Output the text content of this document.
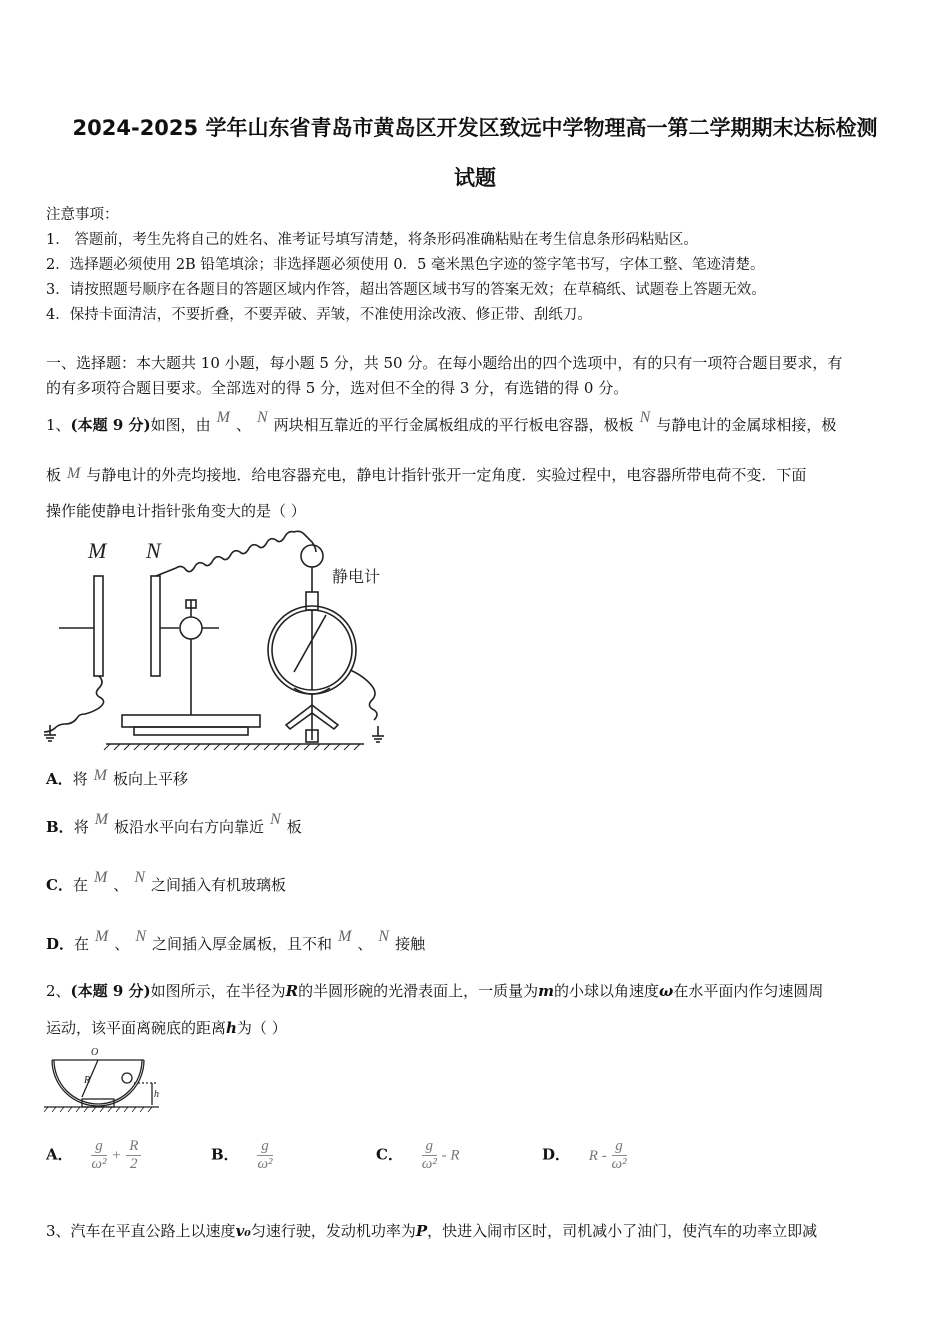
2024-2025 学年山东省青岛市黄岛区开发区致远中学物理高一第二学期期末达标检测
试题
注意事项：
1． 答题前，考生先将自己的姓名、准考证号填写清楚，将条形码准确粘贴在考生信息条形码粘贴区。
2．选择题必须使用 2B 铅笔填涂；非选择题必须使用 0．5 毫米黑色字迹的签字笔书写，字体工整、笔迹清楚。
3．请按照题号顺序在各题目的答题区域内作答，超出答题区域书写的答案无效；在草稿纸、试题卷上答题无效。
4．保持卡面清洁，不要折叠，不要弄破、弄皱，不准使用涂改液、修正带、刮纸刀。
一、选择题：本大题共 10 小题，每小题 5 分，共 50 分。在每小题给出的四个选项中，有的只有一项符合题目要求，有
的有多项符合题目要求。全部选对的得 5 分，选对但不全的得 3 分，有选错的得 0 分。
1、(本题 9 分)如图，由 M 、 N 两块相互靠近的平行金属板组成的平行板电容器，极板 N 与静电计的金属球相接，极
板 M 与静电计的外壳均接地．给电容器充电，静电计指针张开一定角度．实验过程中，电容器所带电荷不变．下面
操作能使静电计指针张角变大的是（ ）
M N
静电计
A．将 M 板向上平移
B．将 M 板沿水平向右方向靠近 N 板
C．在 M 、 N 之间插入有机玻璃板
D．在 M 、 N 之间插入厚金属板，且不和 M 、 N 接触
2、(本题 9 分)如图所示，在半径为R的半圆形碗的光滑表面上，一质量为m的小球以角速度ω在水平面内作匀速圆周
运动，该平面离碗底的距离h为（ ）
O
R
h
A． $\frac{g}{\text{ω²}} + \frac{R}{2}$	B． $\frac{g}{\text{ω²}}$	C． $\frac{g}{\text{ω²}}$ - R	D． R - $\frac{g}{\text{ω²}}$
3、汽车在平直公路上以速度v₀匀速行驶，发动机功率为P，快进入闹市区时，司机减小了油门，使汽车的功率立即减
